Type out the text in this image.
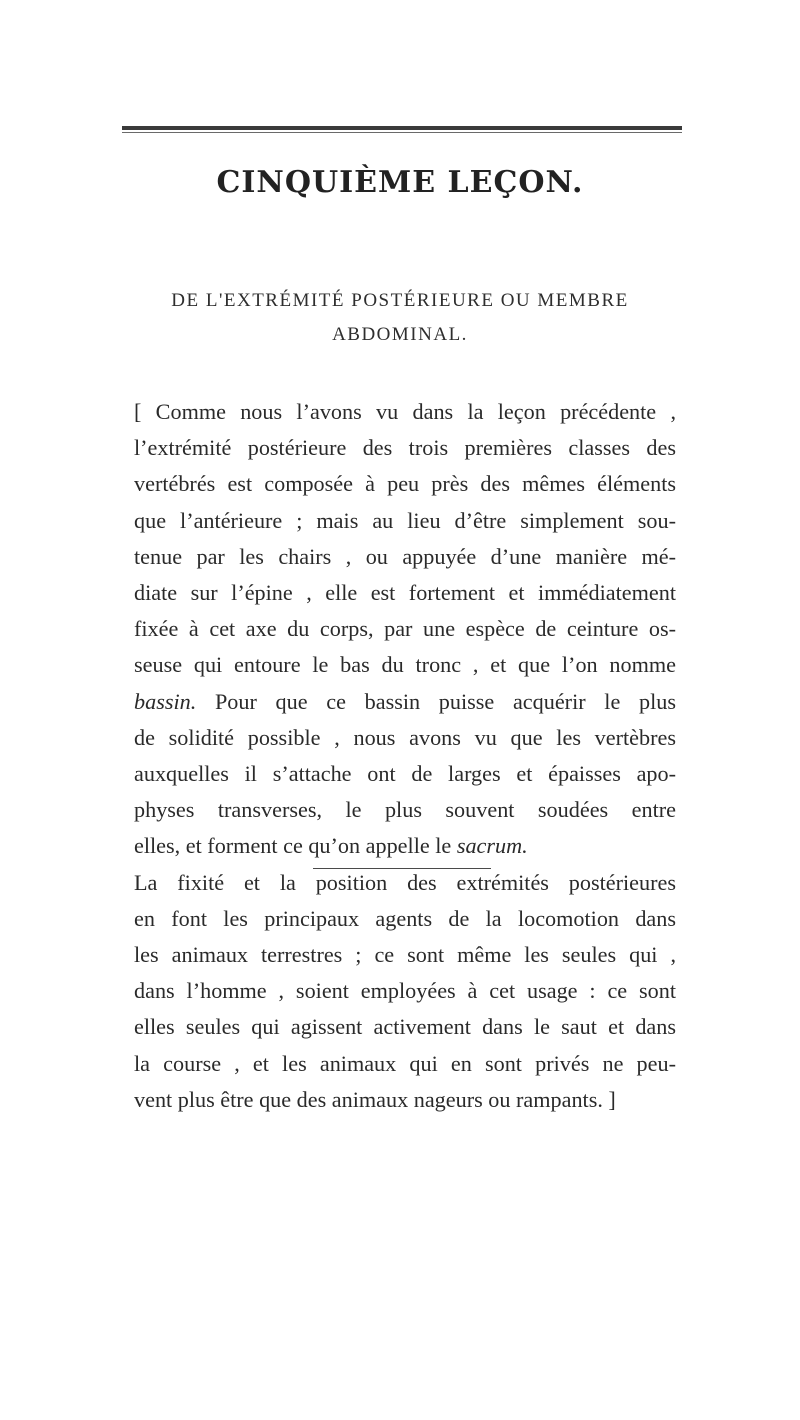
CINQUIÈME LEÇON.
DE L'EXTRÉMITÉ POSTÉRIEURE OU MEMBRE
ABDOMINAL.
[ Comme nous l’avons vu dans la leçon précédente ,
l’extrémité postérieure des trois premières classes des
vertébrés est composée à peu près des mêmes éléments
que l’antérieure ; mais au lieu d’être simplement sou-
tenue par les chairs , ou appuyée d’une manière mé-
diate sur l’épine , elle est fortement et immédiatement
fixée à cet axe du corps, par une espèce de ceinture os-
seuse qui entoure le bas du tronc , et que l’on nomme
bassin. Pour que ce bassin puisse acquérir le plus
de solidité possible , nous avons vu que les vertèbres
auxquelles il s’attache ont de larges et épaisses apo-
physes transverses, le plus souvent soudées entre
elles, et forment ce qu’on appelle le sacrum.
La fixité et la position des extrémités postérieures
en font les principaux agents de la locomotion dans
les animaux terrestres ; ce sont même les seules qui ,
dans l’homme , soient employées à cet usage : ce sont
elles seules qui agissent activement dans le saut et dans
la course , et les animaux qui en sont privés ne peu-
vent plus être que des animaux nageurs ou rampants. ]
